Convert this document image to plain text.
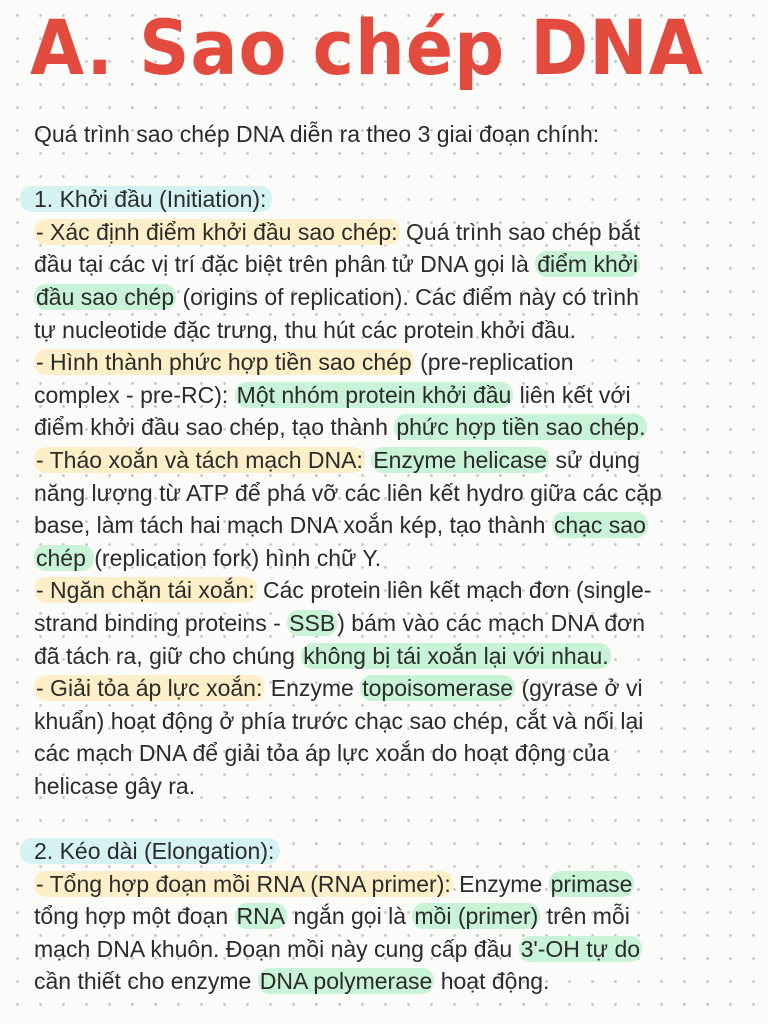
A. Sao chép DNA
Quá trình sao chép DNA diễn ra theo 3 giai đoạn chính:
1. Khởi đầu (Initiation):
- Xác định điểm khởi đầu sao chép: Quá trình sao chép bắt
đầu tại các vị trí đặc biệt trên phân tử DNA gọi là điểm khởi
đầu sao chép (origins of replication). Các điểm này có trình
tự nucleotide đặc trưng, thu hút các protein khởi đầu.
- Hình thành phức hợp tiền sao chép (pre-replication
complex - pre-RC): Một nhóm protein khởi đầu liên kết với
điểm khởi đầu sao chép, tạo thành phức hợp tiền sao chép.
- Tháo xoắn và tách mạch DNA: Enzyme helicase sử dụng
năng lượng từ ATP để phá vỡ các liên kết hydro giữa các cặp
base, làm tách hai mạch DNA xoắn kép, tạo thành chạc sao
chép (replication fork) hình chữ Y.
- Ngăn chặn tái xoắn: Các protein liên kết mạch đơn (single-
strand binding proteins - SSB) bám vào các mạch DNA đơn
đã tách ra, giữ cho chúng không bị tái xoắn lại với nhau.
- Giải tỏa áp lực xoắn: Enzyme topoisomerase (gyrase ở vi
khuẩn) hoạt động ở phía trước chạc sao chép, cắt và nối lại
các mạch DNA để giải tỏa áp lực xoắn do hoạt động của
helicase gây ra.
2. Kéo dài (Elongation):
- Tổng hợp đoạn mồi RNA (RNA primer): Enzyme primase
tổng hợp một đoạn RNA ngắn gọi là mồi (primer) trên mỗi
mạch DNA khuôn. Đoạn mồi này cung cấp đầu 3'-OH tự do
cần thiết cho enzyme DNA polymerase hoạt động.
